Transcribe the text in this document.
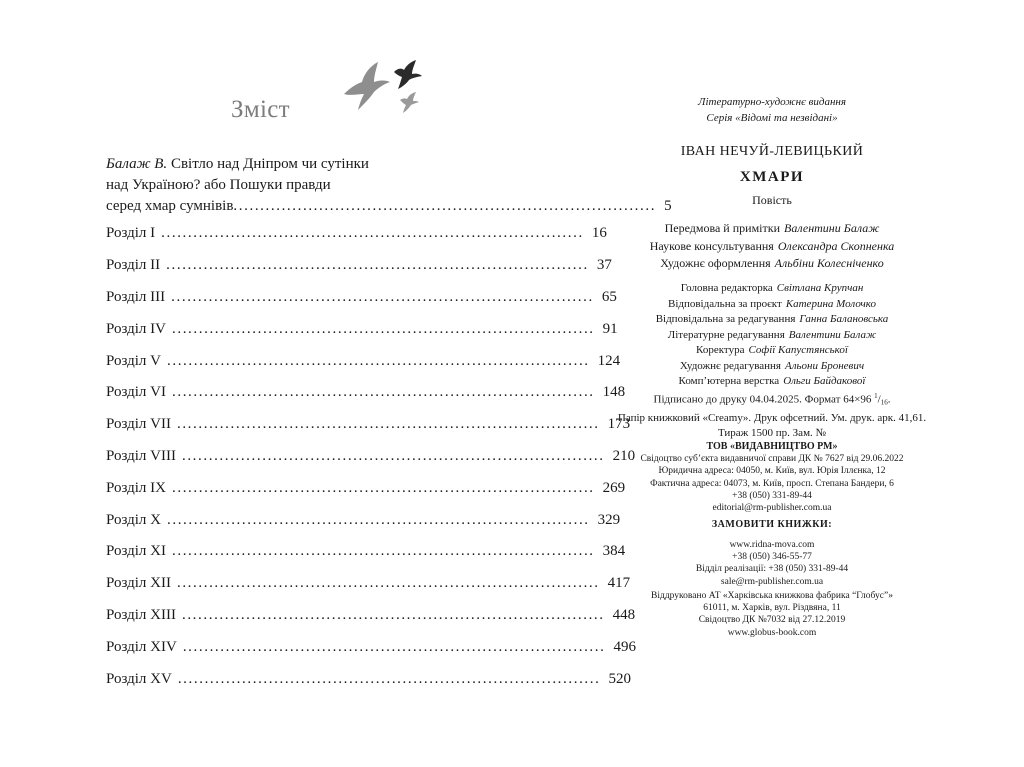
Зміст
Балаж В. Світло над Дніпром чи сутінки
над Україною? або Пошуки правди
серед хмар сумнівів ............................................................................... 5
Розділ І ............................................................................... 16
Розділ ІІ ............................................................................... 37
Розділ ІІІ ............................................................................... 65
Розділ IV ............................................................................... 91
Розділ V ............................................................................... 124
Розділ VI ............................................................................... 148
Розділ VII ............................................................................... 173
Розділ VIII ............................................................................... 210
Розділ IX ............................................................................... 269
Розділ X ............................................................................... 329
Розділ XI ............................................................................... 384
Розділ XII ............................................................................... 417
Розділ XIII ............................................................................... 448
Розділ XIV ............................................................................... 496
Розділ XV ............................................................................... 520
Літературно-художнє видання
Серія «Відомі та незвідані»
ІВАН НЕЧУЙ-ЛЕВИЦЬКИЙ
ХМАРИ
Повість
Передмова й примітки Валентини Балаж
Наукове консультування Олександра Скопненка
Художнє оформлення Альбіни Колесніченко
Головна редакторка Світлана Крупчан
Відповідальна за проєкт Катерина Молочко
Відповідальна за редагування Ганна Балановська
Літературне редагування Валентини Балаж
Коректура Софії Капустянської
Художнє редагування Альони Броневич
Комп’ютерна верстка Ольги Байдакової
Підписано до друку 04.04.2025. Формат 64×96 $^1/_{16}$.
Папір книжковий «Creamy». Друк офсетний. Ум. друк. арк. 41,61.
Тираж 1500 пр. Зам. №
ТОВ «ВИДАВНИЦТВО РМ»
Свідоцтво суб’єкта видавничої справи ДК № 7627 від 29.06.2022
Юридична адреса: 04050, м. Київ, вул. Юрія Іллєнка, 12
Фактична адреса: 04073, м. Київ, просп. Степана Бандери, 6
+38 (050) 331-89-44
editorial@rm-publisher.com.ua
ЗАМОВИТИ КНИЖКИ:
www.ridna-mova.com
+38 (050) 346-55-77
Відділ реалізації: +38 (050) 331-89-44
sale@rm-publisher.com.ua
Віддруковано АТ «Харківська книжкова фабрика “Глобус”»
61011, м. Харків, вул. Різдвяна, 11
Свідоцтво ДК №7032 від 27.12.2019
www.globus-book.com
